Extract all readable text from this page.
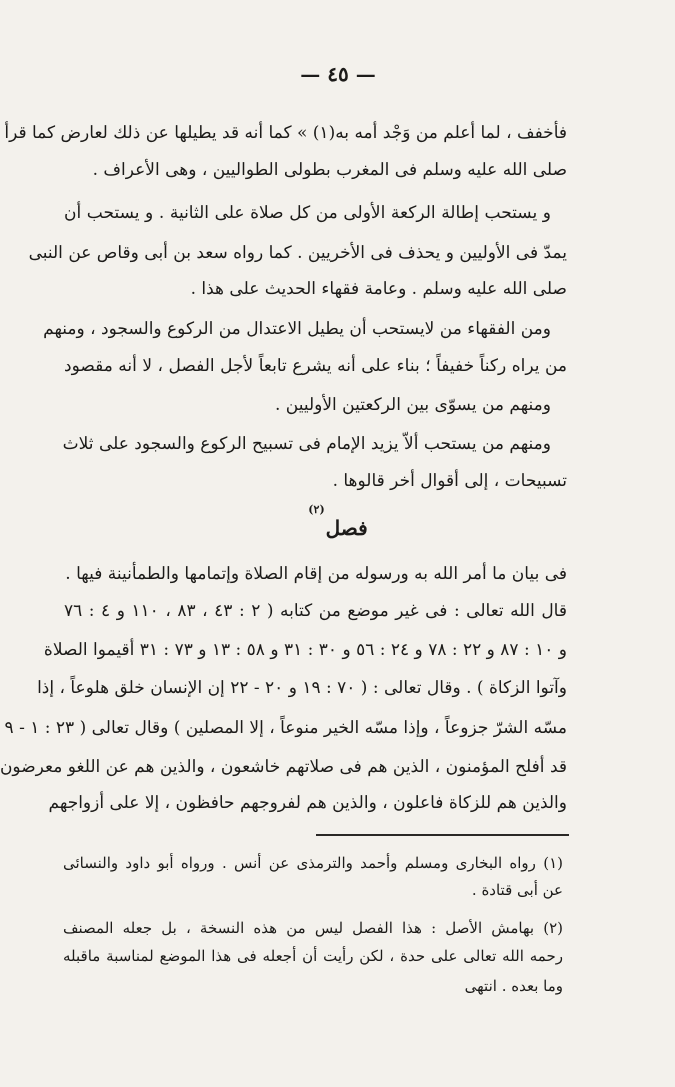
— ٤٥ —
فأخفف ، لما أعلم من وَجْد أمه به(١) » كما أنه قد يطيلها عن ذلك لعارض كما قرأ
صلى الله عليه وسلم فى المغرب بطولى الطواليين ، وهى الأعراف .
و يستحب إطالة الركعة الأولى من كل صلاة على الثانية . و يستحب أن
يمدّ فى الأوليين و يحذف فى الأخريين . كما رواه سعد بن أبى وقاص عن النبى
صلى الله عليه وسلم . وعامة فقهاء الحديث على هذا .
ومن الفقهاء من لايستحب أن يطيل الاعتدال من الركوع والسجود ، ومنهم
من يراه ركناً خفيفاً ؛ بناء على أنه يشرع تابعاً لأجل الفصل ، لا أنه مقصود
ومنهم من يسوّى بين الركعتين الأوليين .
ومنهم من يستحب ألاّ يزيد الإمام فى تسبيح الركوع والسجود على ثلاث
تسبيحات ، إلى أقوال أخر قالوها .
فصل $^{(٢)}$
فى بيان ما أمر الله به ورسوله من إقام الصلاة وإتمامها والطمأنينة فيها .
قال الله تعالى : فى غير موضع من كتابه ( ٢ : ٤٣ ، ٨٣ ، ١١٠ و ٤ : ٧٦
و ١٠ : ٨٧ و ٢٢ : ٧٨ و ٢٤ : ٥٦ و ٣٠ : ٣١ و ٥٨ : ١٣ و ٧٣ : ٣١ أقيموا الصلاة
وآتوا الزكاة ) . وقال تعالى : ( ٧٠ : ١٩ و ٢٠ - ٢٢ إن الإنسان خلق هلوعاً ، إذا
مسّه الشرّ جزوعاً ، وإذا مسّه الخير منوعاً ، إلا المصلين ) وقال تعالى ( ٢٣ : ١ - ٩
قد أفلح المؤمنون ، الذين هم فى صلاتهم خاشعون ، والذين هم عن اللغو معرضون
والذين هم للزكاة فاعلون ، والذين هم لفروجهم حافظون ، إلا على أزواجهم
(١) رواه البخارى ومسلم وأحمد والترمذى عن أنس . ورواه أبو داود والنسائى
عن أبى قتادة .
(٢) بهامش الأصل : هذا الفصل ليس من هذه النسخة ، بل جعله المصنف
رحمه الله تعالى على حدة ، لكن رأيت أن أجعله فى هذا الموضع لمناسبة ماقبله
وما بعده . انتهى
